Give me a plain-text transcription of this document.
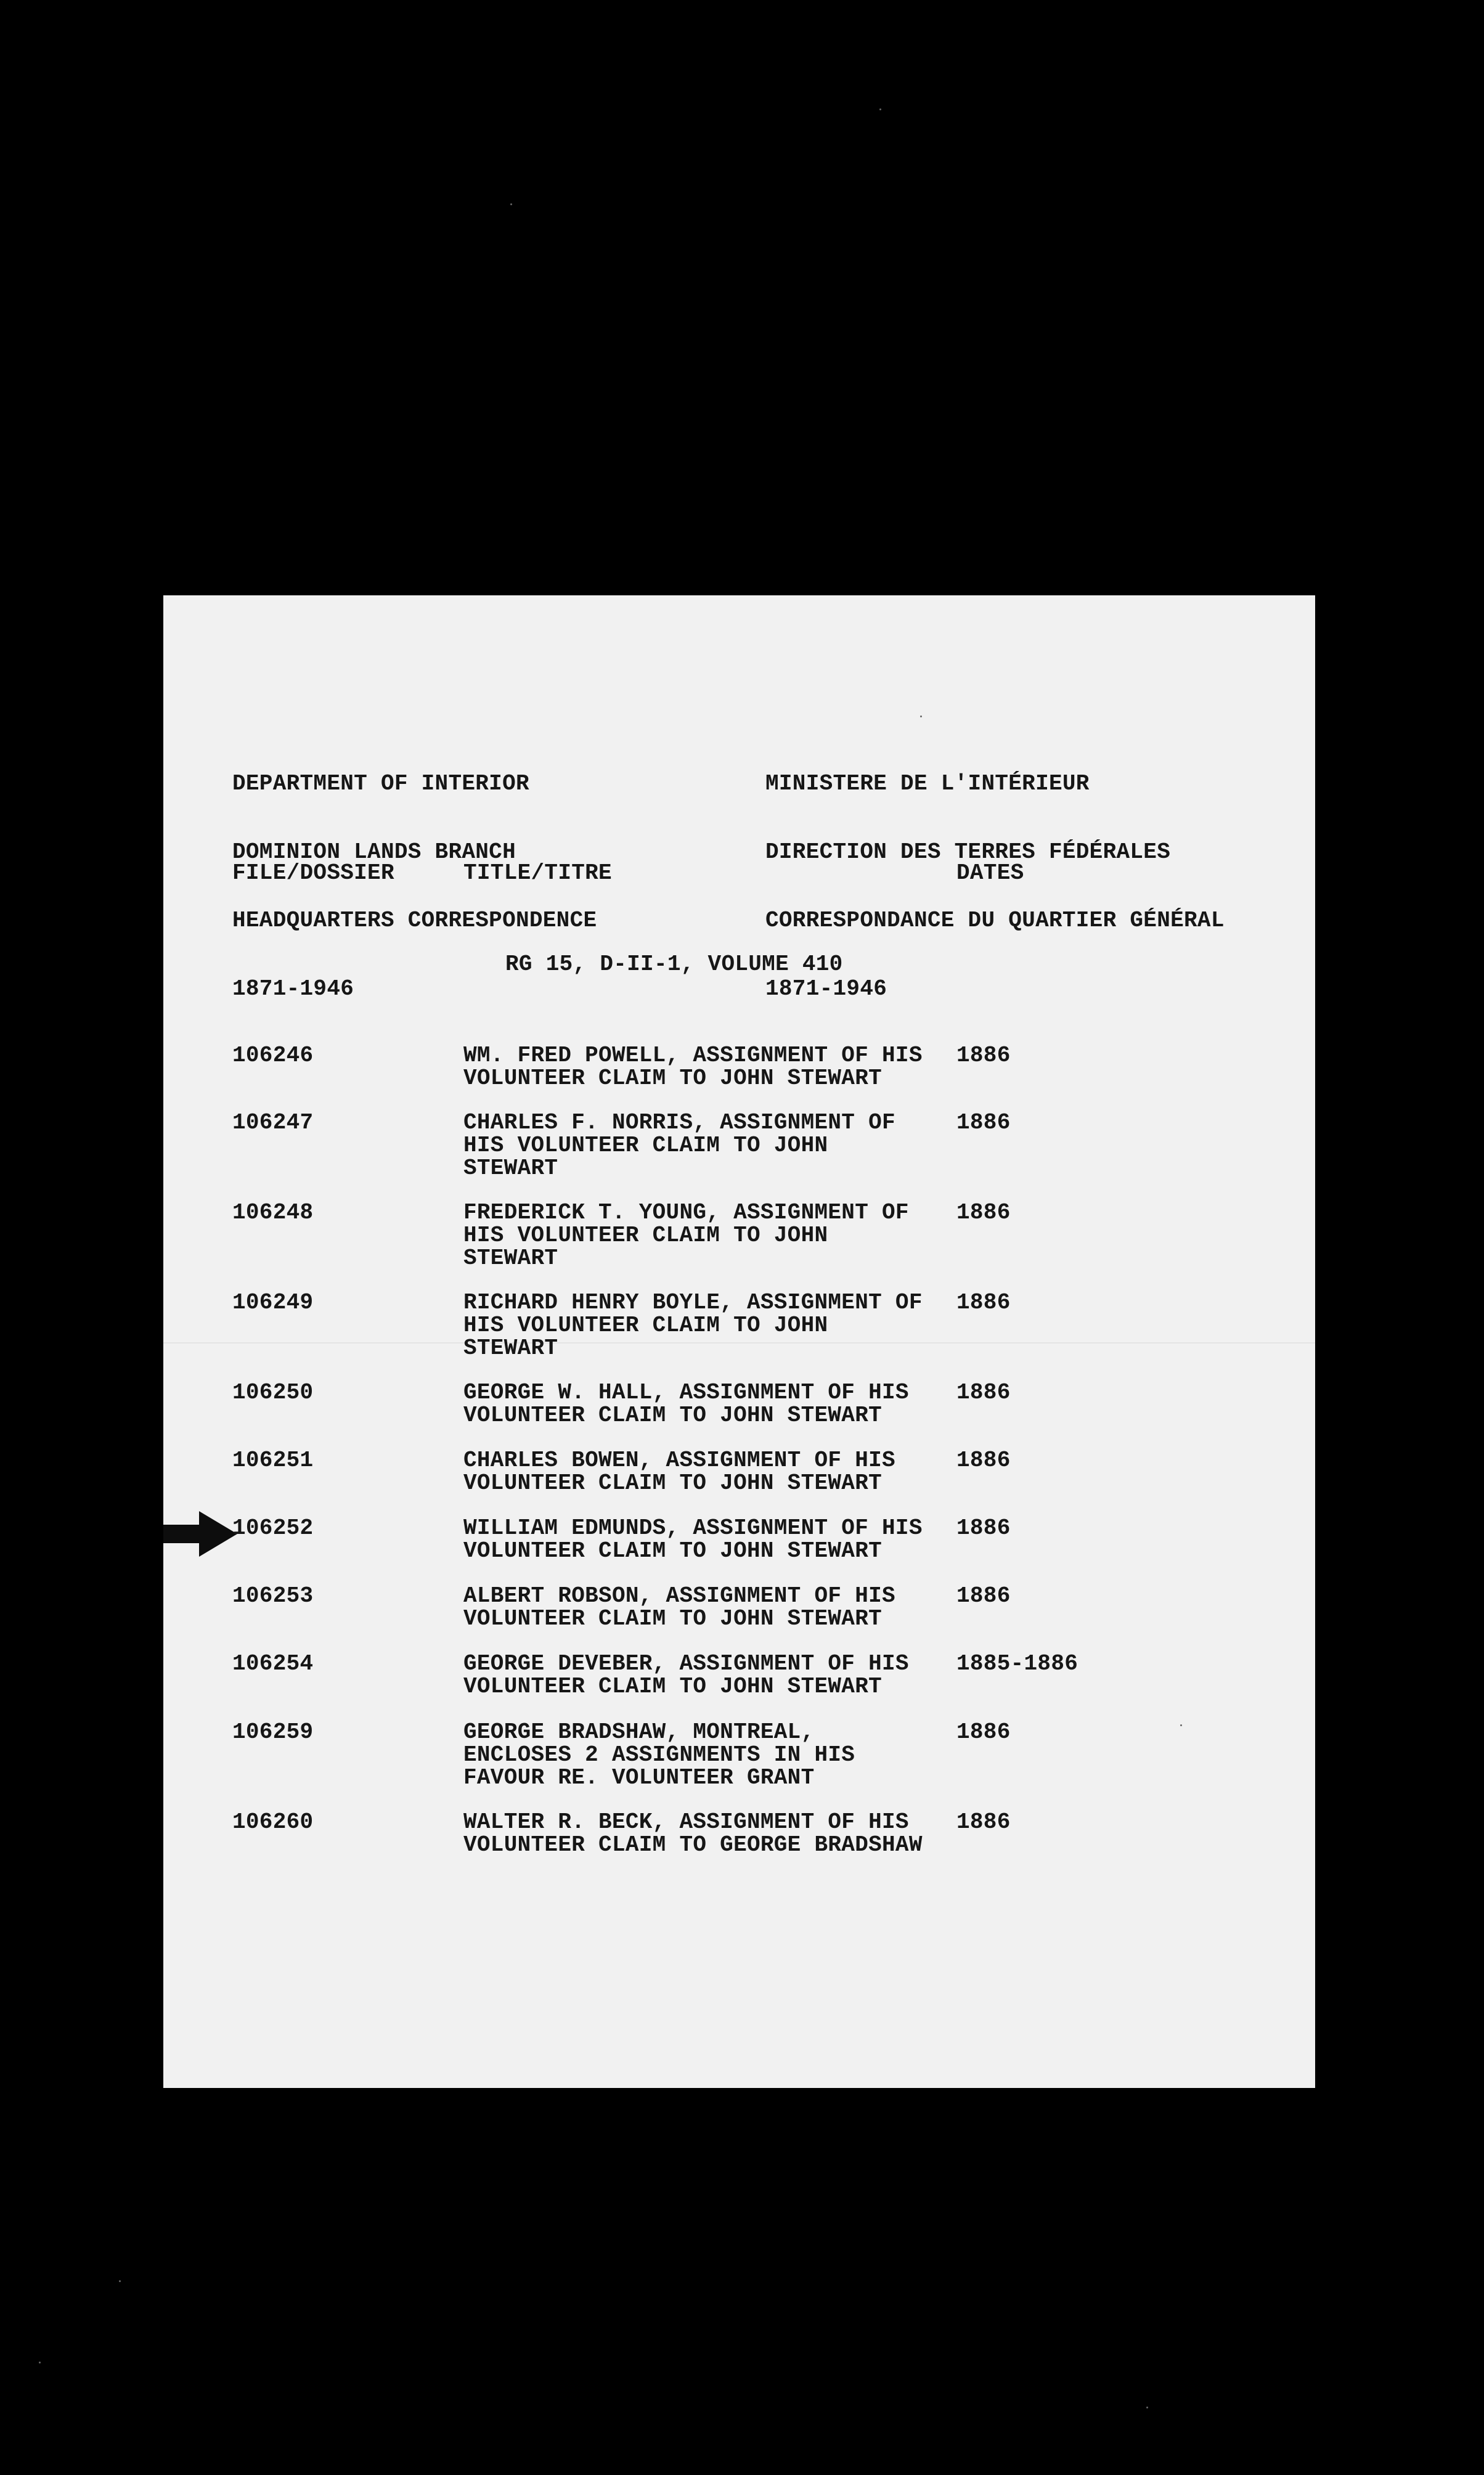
DEPARTMENT OF INTERIOR

DOMINION LANDS BRANCH

HEADQUARTERS CORRESPONDENCE

1871-1946

MINISTERE DE L'INTÉRIEUR

DIRECTION DES TERRES FÉDÉRALES

CORRESPONDANCE DU QUARTIER GÉNÉRAL

1871-1946

FILE/DOSSIER	TITLE/TITRE	DATES
RG 15, D-II-1, VOLUME 410
106246	WM. FRED POWELL, ASSIGNMENT OF HIS
VOLUNTEER CLAIM TO JOHN STEWART
1886
106247	CHARLES F. NORRIS, ASSIGNMENT OF
HIS VOLUNTEER CLAIM TO JOHN
STEWART
1886
106248	FREDERICK T. YOUNG, ASSIGNMENT OF
HIS VOLUNTEER CLAIM TO JOHN
STEWART
1886
106249	RICHARD HENRY BOYLE, ASSIGNMENT OF
HIS VOLUNTEER CLAIM TO JOHN
STEWART
1886
106250	GEORGE W. HALL, ASSIGNMENT OF HIS
VOLUNTEER CLAIM TO JOHN STEWART
1886
106251	CHARLES BOWEN, ASSIGNMENT OF HIS
VOLUNTEER CLAIM TO JOHN STEWART
1886
106252	WILLIAM EDMUNDS, ASSIGNMENT OF HIS
VOLUNTEER CLAIM TO JOHN STEWART
1886
106253	ALBERT ROBSON, ASSIGNMENT OF HIS
VOLUNTEER CLAIM TO JOHN STEWART
1886
106254	GEORGE DEVEBER, ASSIGNMENT OF HIS
VOLUNTEER CLAIM TO JOHN STEWART
1885-1886
106259	GEORGE BRADSHAW, MONTREAL,
ENCLOSES 2 ASSIGNMENTS IN HIS
FAVOUR RE. VOLUNTEER GRANT
1886
106260	WALTER R. BECK, ASSIGNMENT OF HIS
VOLUNTEER CLAIM TO GEORGE BRADSHAW
1886
